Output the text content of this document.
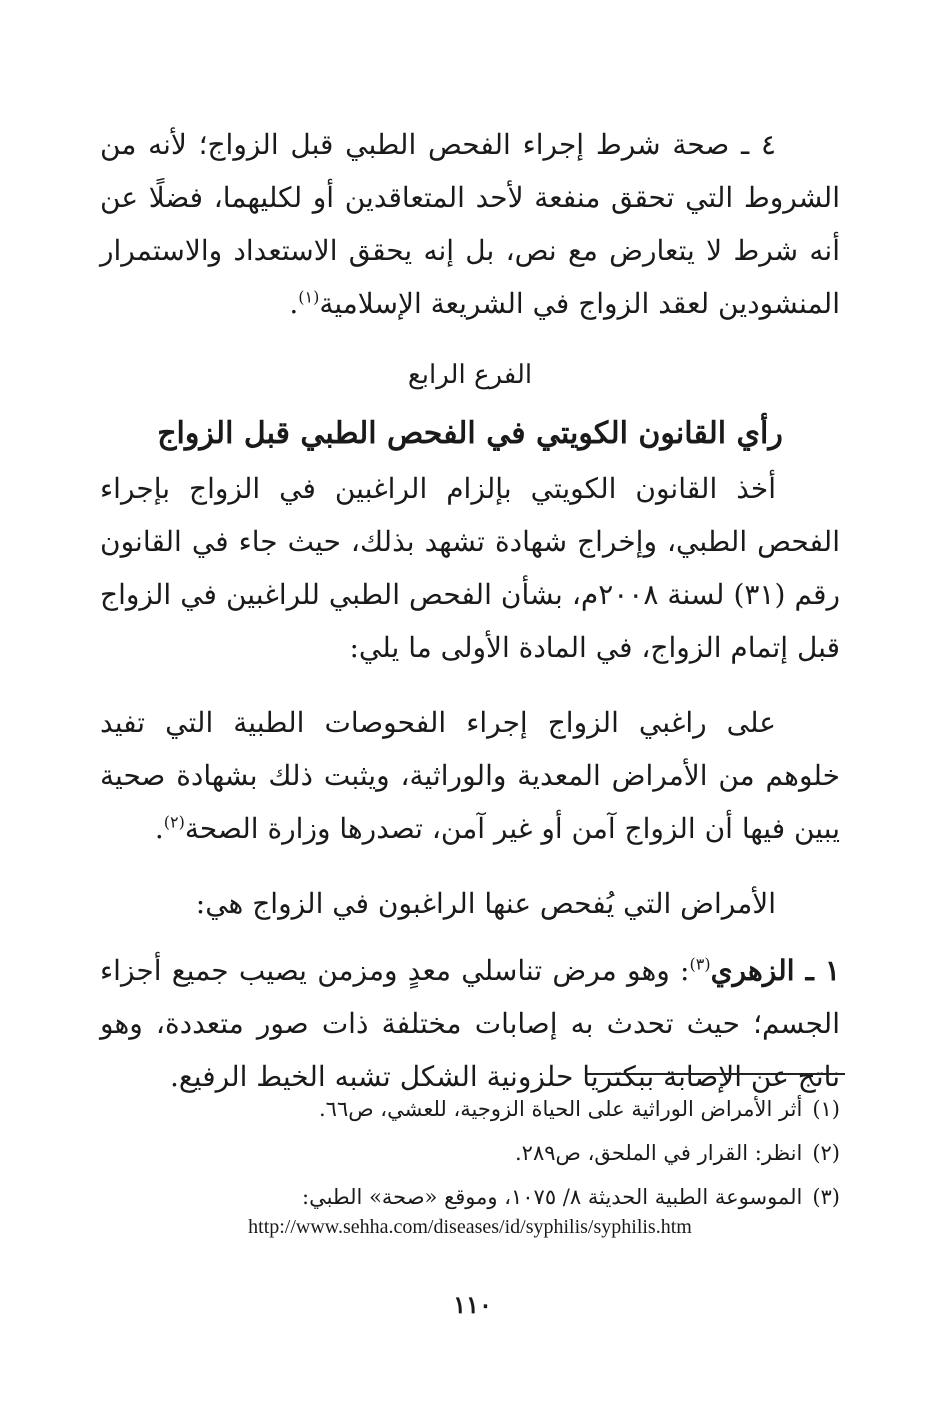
٤ ـ صحة شرط إجراء الفحص الطبي قبل الزواج؛ لأنه من الشروط التي تحقق منفعة لأحد المتعاقدين أو لكليهما، فضلًا عن أنه شرط لا يتعارض مع نص، بل إنه يحقق الاستعداد والاستمرار المنشودين لعقد الزواج في الشريعة الإسلامية$^{(١)}$.

الفرع الرابع
رأي القانون الكويتي في الفحص الطبي قبل الزواج

أخذ القانون الكويتي بإلزام الراغبين في الزواج بإجراء الفحص الطبي، وإخراج شهادة تشهد بذلك، حيث جاء في القانون رقم (٣١) لسنة ٢٠٠٨م، بشأن الفحص الطبي للراغبين في الزواج قبل إتمام الزواج، في المادة الأولى ما يلي:

على راغبي الزواج إجراء الفحوصات الطبية التي تفيد خلوهم من الأمراض المعدية والوراثية، ويثبت ذلك بشهادة صحية يبين فيها أن الزواج آمن أو غير آمن، تصدرها وزارة الصحة$^{(٢)}$.

الأمراض التي يُفحص عنها الراغبون في الزواج هي:

١ ـ الزهري$^{(٣)}$: وهو مرض تناسلي معدٍ ومزمن يصيب جميع أجزاء الجسم؛ حيث تحدث به إصابات مختلفة ذات صور متعددة، وهو ناتج عن الإصابة ببكتريا حلزونية الشكل تشبه الخيط الرفيع.

(١)أثر الأمراض الوراثية على الحياة الزوجية، للعشي، ص٦٦.

(٢)انظر: القرار في الملحق، ص٢٨٩.

(٣)الموسوعة الطبية الحديثة ٨/ ١٠٧٥، وموقع «صحة» الطبي:

http://www.sehha.com/diseases/id/syphilis/syphilis.htm
١١٠
